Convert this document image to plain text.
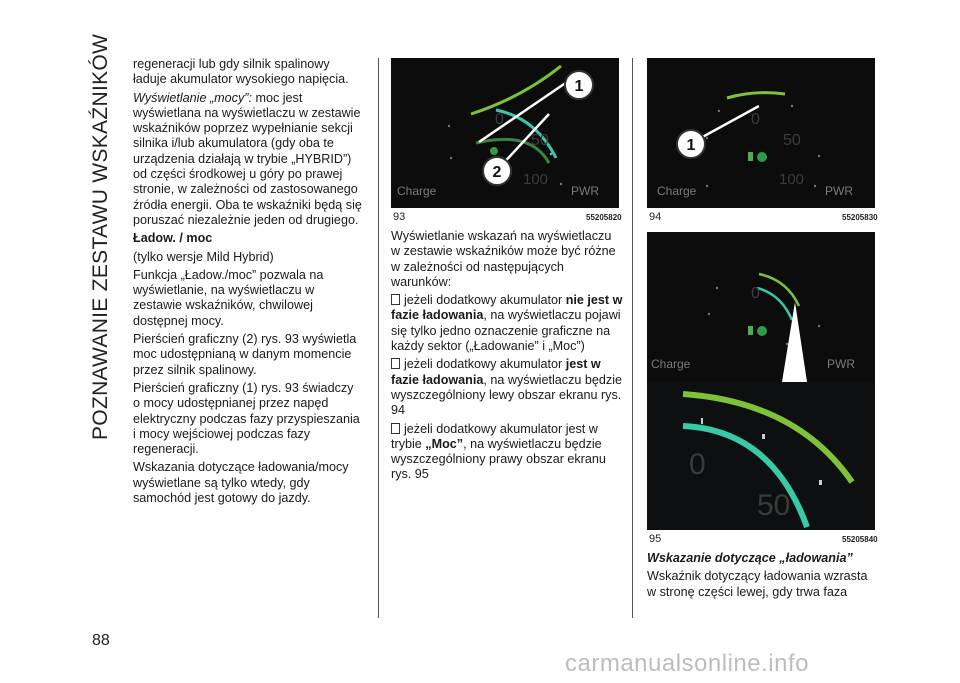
POZNAWANIE ZESTAWU WSKAŹNIKÓW
88

regeneracji lub gdy silnik spalinowy ładuje akumulator wysokiego napięcia.

Wyświetlanie „mocy”: moc jest wyświetlana na wyświetlaczu w zestawie wskaźników poprzez wypełnianie sekcji silnika i/lub akumulatora (gdy oba te urządzenia działają w trybie „HYBRID”) od części środkowej u góry po prawej stronie, w zależności od zastosowanego źródła energii. Oba te wskaźniki będą się poruszać niezależnie jeden od drugiego.

Ładow. / moc

(tylko wersje Mild Hybrid)

Funkcja „Ładow./moc” pozwala na wyświetlanie, na wyświetlaczu w zestawie wskaźników, chwilowej dostępnej mocy.

Pierścień graficzny (2) rys. 93 wyświetla moc udostępnianą w danym momencie przez silnik spalinowy.

Pierścień graficzny (1) rys. 93 świadczy o mocy udostępnianej przez napęd elektryczny podczas fazy przyspieszania i mocy wejściowej podczas fazy regeneracji.

Wskazania dotyczące ładowania/mocy wyświetlane są tylko wtedy, gdy samochód jest gotowy do jazdy.

1
2
0
50
100
Charge	PWR
93	55205820

Wyświetlanie wskazań na wyświetlaczu w zestawie wskaźników może być różne w zależności od następujących warunków:

jeżeli dodatkowy akumulator nie jest w fazie ładowania, na wyświetlaczu pojawi się tylko jedno oznaczenie graficzne na każdy sektor („Ładowanie” i „Moc”)

jeżeli dodatkowy akumulator jest w fazie ładowania, na wyświetlaczu będzie wyszczególniony lewy obszar ekranu rys. 94

jeżeli dodatkowy akumulator jest w trybie „Moc”, na wyświetlaczu będzie wyszczególniony prawy obszar ekranu rys. 95

1
0
50
100
Charge	PWR
94	55205830
0
Charge	PWR
0
50
95	55205840

Wskazanie dotyczące „ładowania”

Wskaźnik dotyczący ładowania wzrasta w stronę części lewej, gdy trwa faza

carmanualsonline.info
